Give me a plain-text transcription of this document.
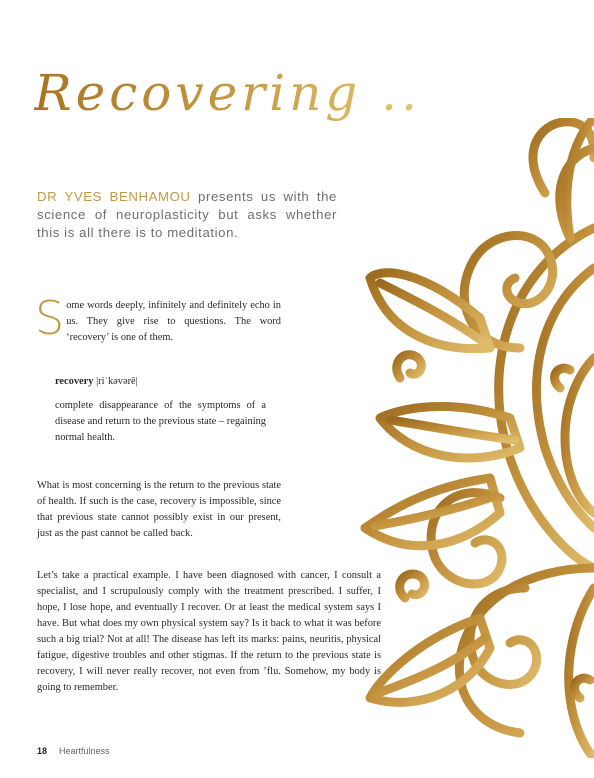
Recovering ..

DR YVES BENHAMOU presents us with the science of neuroplasticity but asks whether this is all there is to meditation.

Some words deeply, infinitely and definitely echo in us. They give rise to questions. The word ‘recovery’ is one of them.

recovery |riˈkəvərē|

complete disappearance of the symptoms of a disease and return to the previous state – regaining normal health.

What is most concerning is the return to the previous state of health. If such is the case, recovery is impossible, since that previous state cannot possibly exist in our present, just as the past cannot be called back.

Let’s take a practical example. I have been diagnosed with cancer, I consult a specialist, and I scrupulously comply with the treatment prescribed. I suffer, I hope, I lose hope, and eventually I recover. Or at least the medical system says I have. But what does my own physical system say? Is it back to what it was before such a big trial? Not at all! The disease has left its marks: pains, neuritis, physical fatigue, digestive troubles and other stigmas. If the return to the previous state is recovery, I will never really recover, not even from ’flu. Somehow, my body is going to remember.

18 Heartfulness
